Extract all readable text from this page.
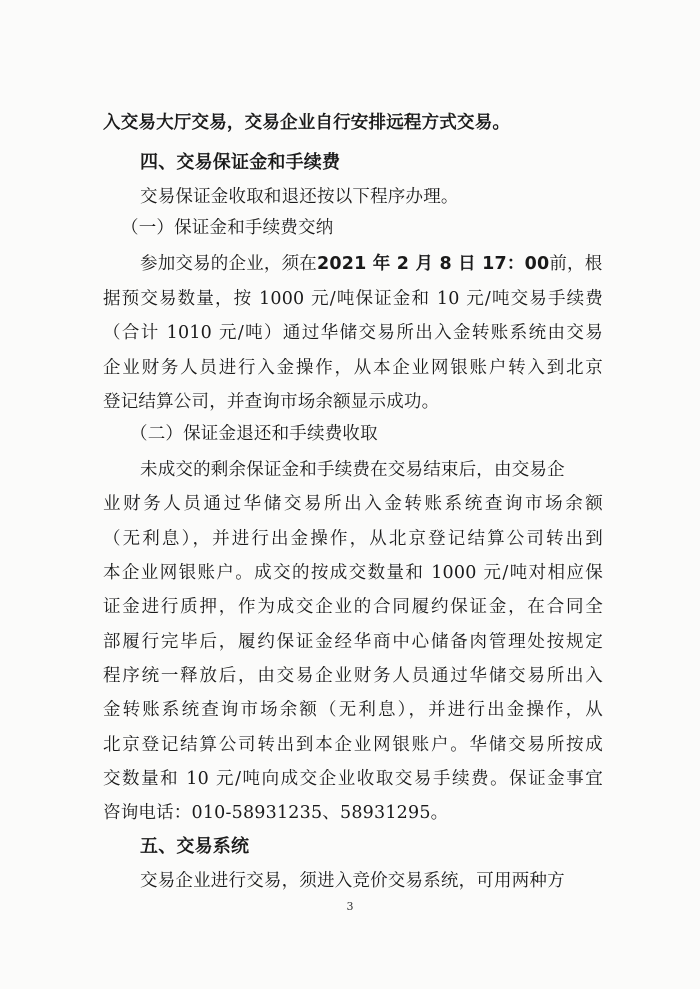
入交易大厅交易，交易企业自行安排远程方式交易。
四、交易保证金和手续费
交易保证金收取和退还按以下程序办理。
（一）保证金和手续费交纳
参加交易的企业，须在2021 年 2 月 8 日 17：00前，根
据预交易数量，按 1000 元/吨保证金和 10 元/吨交易手续费
（合计 1010 元/吨）通过华储交易所出入金转账系统由交易
企业财务人员进行入金操作，从本企业网银账户转入到北京
登记结算公司，并查询市场余额显示成功。
（二）保证金退还和手续费收取
未成交的剩余保证金和手续费在交易结束后，由交易企
业财务人员通过华储交易所出入金转账系统查询市场余额
（无利息），并进行出金操作，从北京登记结算公司转出到
本企业网银账户。成交的按成交数量和 1000 元/吨对相应保
证金进行质押，作为成交企业的合同履约保证金，在合同全
部履行完毕后，履约保证金经华商中心储备肉管理处按规定
程序统一释放后，由交易企业财务人员通过华储交易所出入
金转账系统查询市场余额（无利息），并进行出金操作，从
北京登记结算公司转出到本企业网银账户。华储交易所按成
交数量和 10 元/吨向成交企业收取交易手续费。保证金事宜
咨询电话：010-58931235、58931295。
五、交易系统
交易企业进行交易，须进入竞价交易系统，可用两种方
3
